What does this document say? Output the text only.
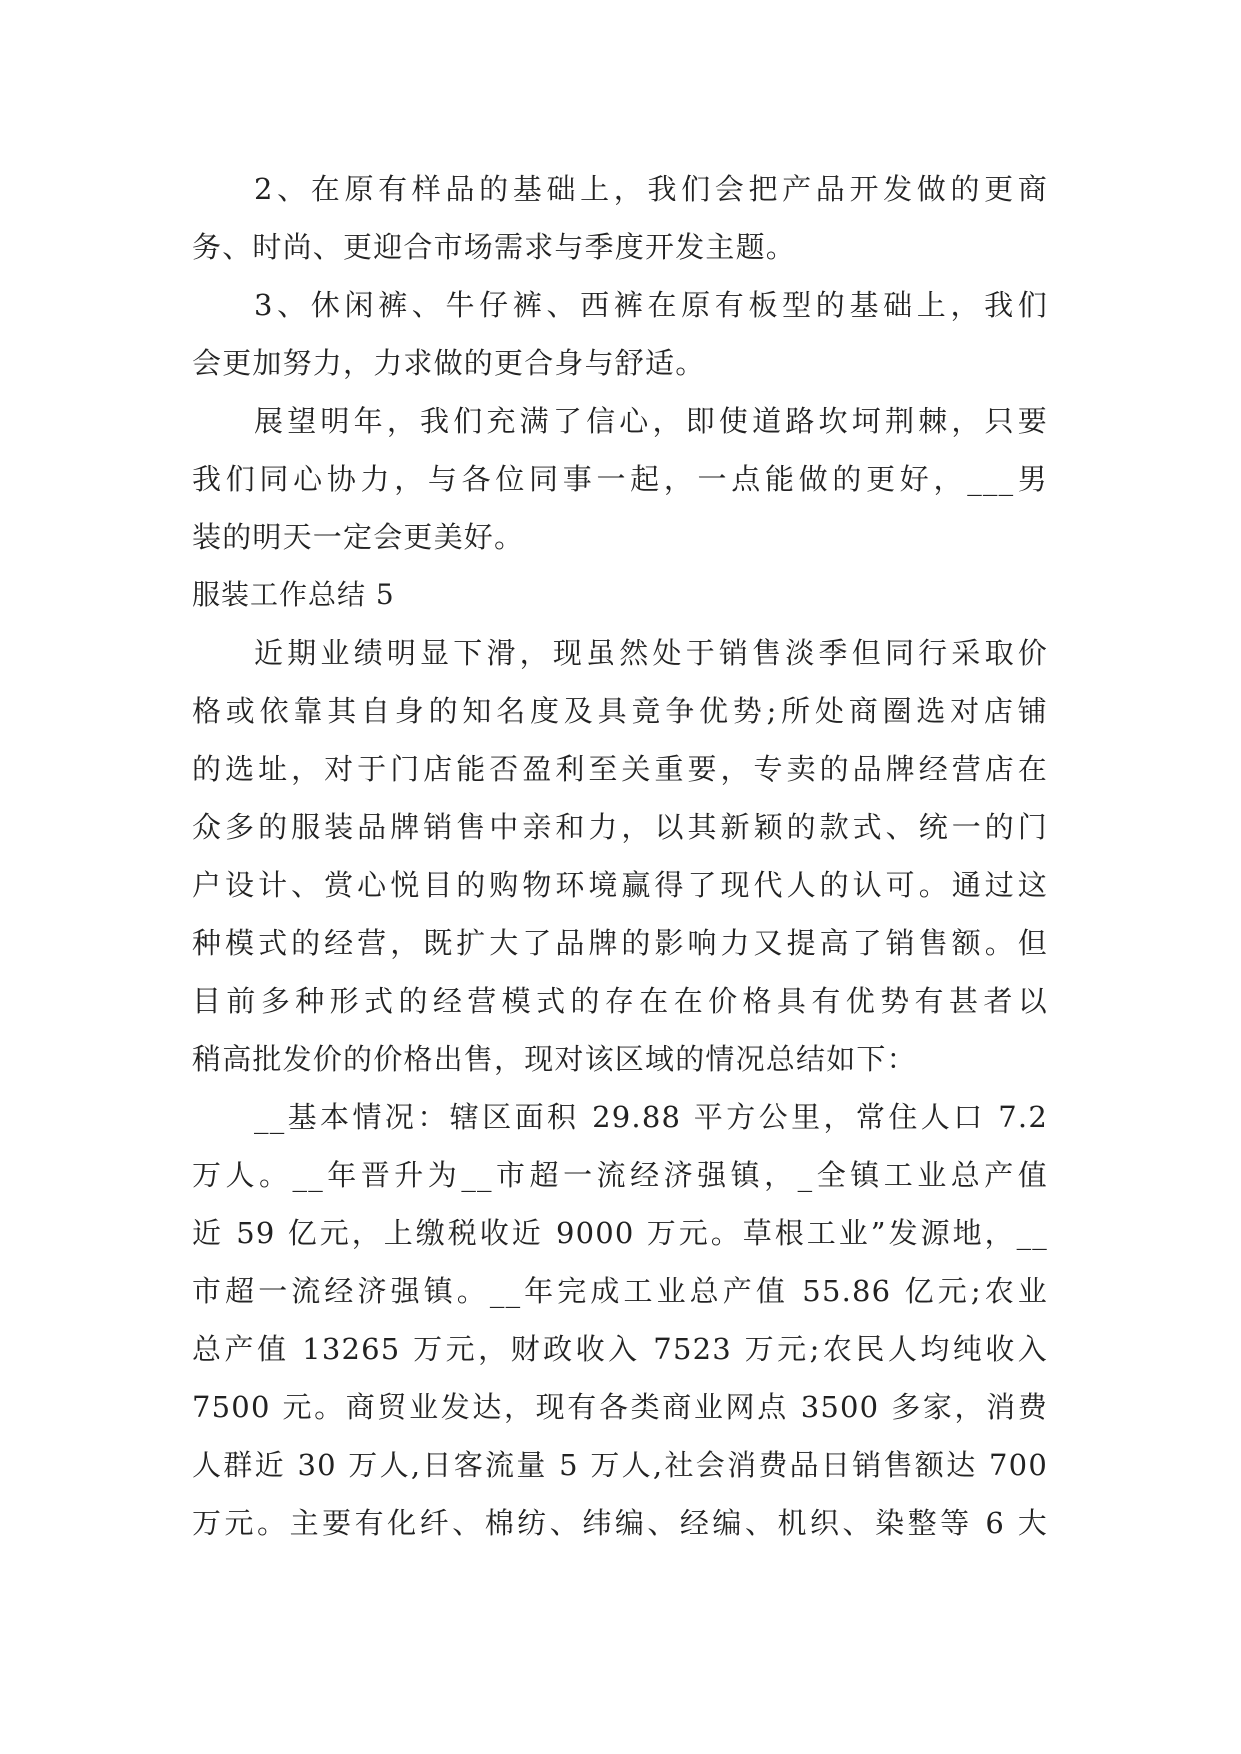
2、在原有样品的基础上，我们会把产品开发做的更商
务、时尚、更迎合市场需求与季度开发主题。
3、休闲裤、牛仔裤、西裤在原有板型的基础上，我们
会更加努力，力求做的更合身与舒适。
展望明年，我们充满了信心，即使道路坎坷荆棘，只要
我们同心协力，与各位同事一起，一点能做的更好，___男
装的明天一定会更美好。
服装工作总结 5
近期业绩明显下滑，现虽然处于销售淡季但同行采取价
格或依靠其自身的知名度及具竟争优势;所处商圈选对店铺
的选址，对于门店能否盈利至关重要，专卖的品牌经营店在
众多的服装品牌销售中亲和力，以其新颖的款式、统一的门
户设计、赏心悦目的购物环境赢得了现代人的认可。通过这
种模式的经营，既扩大了品牌的影响力又提高了销售额。但
目前多种形式的经营模式的存在在价格具有优势有甚者以
稍高批发价的价格出售，现对该区域的情况总结如下：
__基本情况：辖区面积 29.88 平方公里，常住人口 7.2
万人。__年晋升为__市超一流经济强镇，_全镇工业总产值
近 59 亿元，上缴税收近 9000 万元。草根工业”发源地，__
市超一流经济强镇。__年完成工业总产值 55.86 亿元;农业
总产值 13265 万元，财政收入 7523 万元;农民人均纯收入
7500 元。商贸业发达，现有各类商业网点 3500 多家，消费
人群近 30 万人,日客流量 5 万人,社会消费品日销售额达 700
万元。主要有化纤、棉纺、纬编、经编、机织、染整等 6 大
